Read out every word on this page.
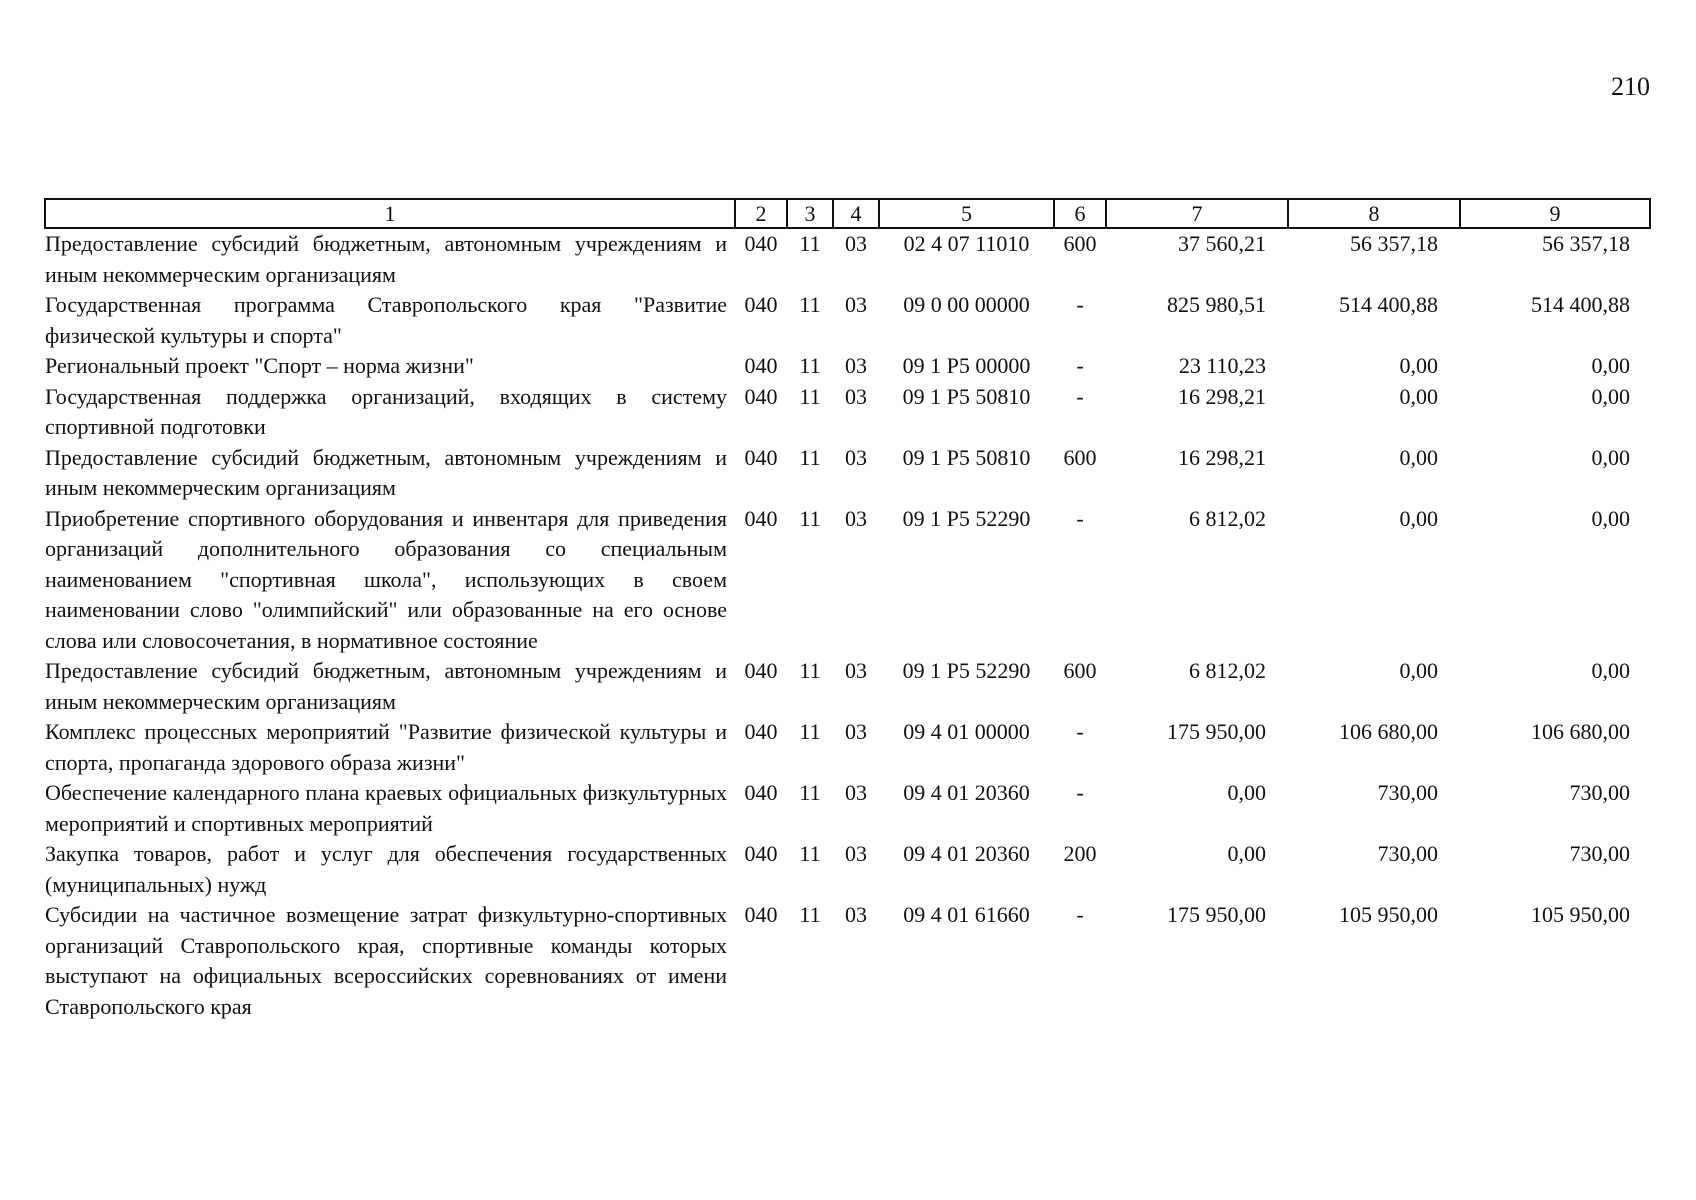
210
1	2	3	4	5	6	7	8	9
Предоставление субсидий бюджетным, автономным учреждениям и иным некоммерческим организациям	040	11	03	02 4 07 11010	600	37 560,21	56 357,18	56 357,18
Государственная программа Ставропольского края "Развитие физической культуры и спорта"	040	11	03	09 0 00 00000	-	825 980,51	514 400,88	514 400,88
Региональный проект "Спорт – норма жизни"	040	11	03	09 1 P5 00000	-	23 110,23	0,00	0,00
Государственная поддержка организаций, входящих в систему спортивной подготовки	040	11	03	09 1 P5 50810	-	16 298,21	0,00	0,00
Предоставление субсидий бюджетным, автономным учреждениям и иным некоммерческим организациям	040	11	03	09 1 P5 50810	600	16 298,21	0,00	0,00
Приобретение спортивного оборудования и инвентаря для приведения организаций дополнительного образования со специальным наименованием "спортивная школа", использующих в своем наименовании слово "олимпийский" или образованные на его основе слова или словосочетания, в нормативное состояние	040	11	03	09 1 P5 52290	-	6 812,02	0,00	0,00
Предоставление субсидий бюджетным, автономным учреждениям и иным некоммерческим организациям	040	11	03	09 1 P5 52290	600	6 812,02	0,00	0,00
Комплекс процессных мероприятий "Развитие физической культуры и спорта, пропаганда здорового образа жизни"	040	11	03	09 4 01 00000	-	175 950,00	106 680,00	106 680,00
Обеспечение календарного плана краевых официальных физкультурных мероприятий и спортивных мероприятий	040	11	03	09 4 01 20360	-	0,00	730,00	730,00
Закупка товаров, работ и услуг для обеспечения государственных (муниципальных) нужд	040	11	03	09 4 01 20360	200	0,00	730,00	730,00
Субсидии на частичное возмещение затрат физкультурно-спортивных организаций Ставропольского края, спортивные команды которых выступают на официальных всероссийских соревнованиях от имени Ставропольского края	040	11	03	09 4 01 61660	-	175 950,00	105 950,00	105 950,00
